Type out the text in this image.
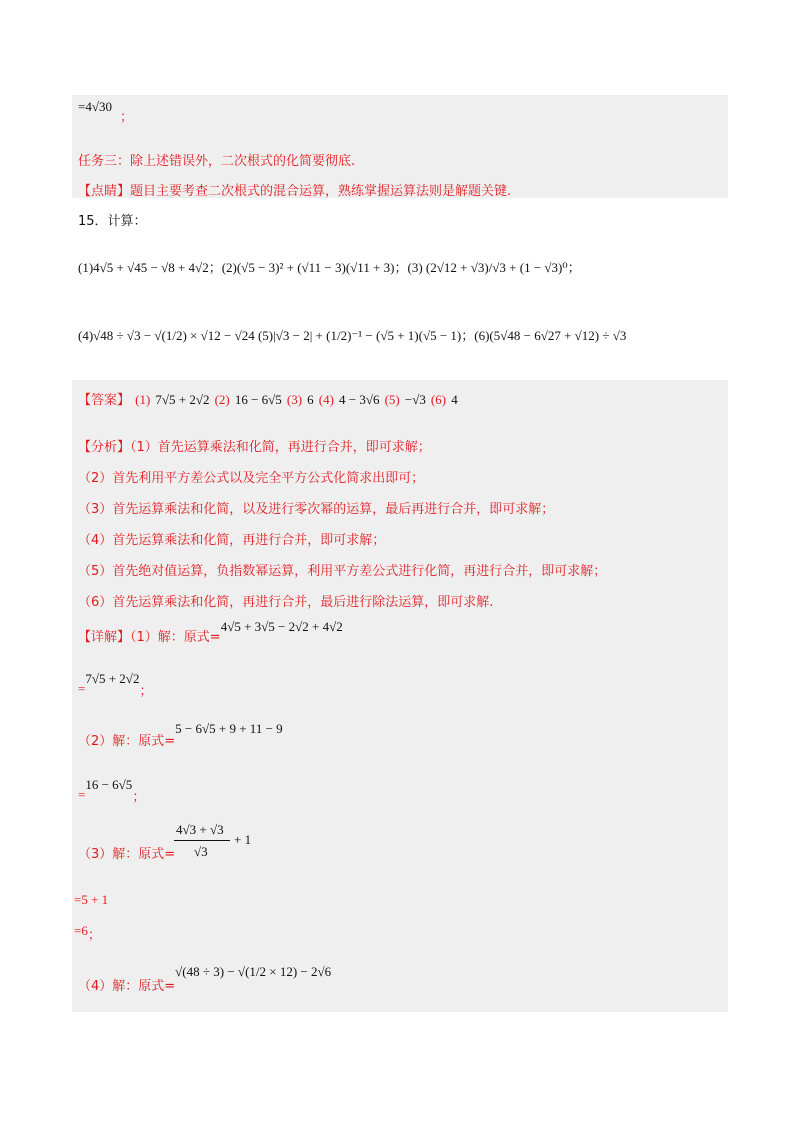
=4√30
；
任务三：除上述错误外，二次根式的化简要彻底.
【点睛】题目主要考查二次根式的混合运算，熟练掌握运算法则是解题关键.
15．计算：
(1)4√5 + √45 − √8 + 4√2；(2)(√5 − 3)² + (√11 − 3)(√11 + 3)；(3) (2√12 + √3)/√3 + (1 − √3)⁰；
(4)√48 ÷ √3 − √(1/2) × √12 − √24 (5)|√3 − 2| + (1/2)⁻¹ − (√5 + 1)(√5 − 1)；(6)(5√48 − 6√27 + √12) ÷ √3
【答案】 (1) 7√5 + 2√2 (2) 16 − 6√5 (3) 6 (4) 4 − 3√6 (5) −√3 (6) 4
【分析】（1）首先运算乘法和化简，再进行合并，即可求解；
（2）首先利用平方差公式以及完全平方公式化简求出即可；
（3）首先运算乘法和化简，以及进行零次幂的运算，最后再进行合并，即可求解；
（4）首先运算乘法和化简，再进行合并，即可求解；
（5）首先绝对值运算，负指数幂运算，利用平方差公式进行化简，再进行合并，即可求解；
（6）首先运算乘法和化简，再进行合并，最后进行除法运算，即可求解.
【详解】（1）解：原式=$^{4√5 + 3√5 - 2√2 + 4√2}$
$_=7√5 + 2√2_;$
（2）解：原式=$^{5 - 6√5 + 9 + 11 - 9}$
$_=16 - 6√5_;$
（3）解：原式=
4√3 + √3
√3
+ 1
=5 + 1
$=6_;$
（4）解：原式=$^{√(48 \div 3) - √(1/2 \times 12) - 2√6}$
